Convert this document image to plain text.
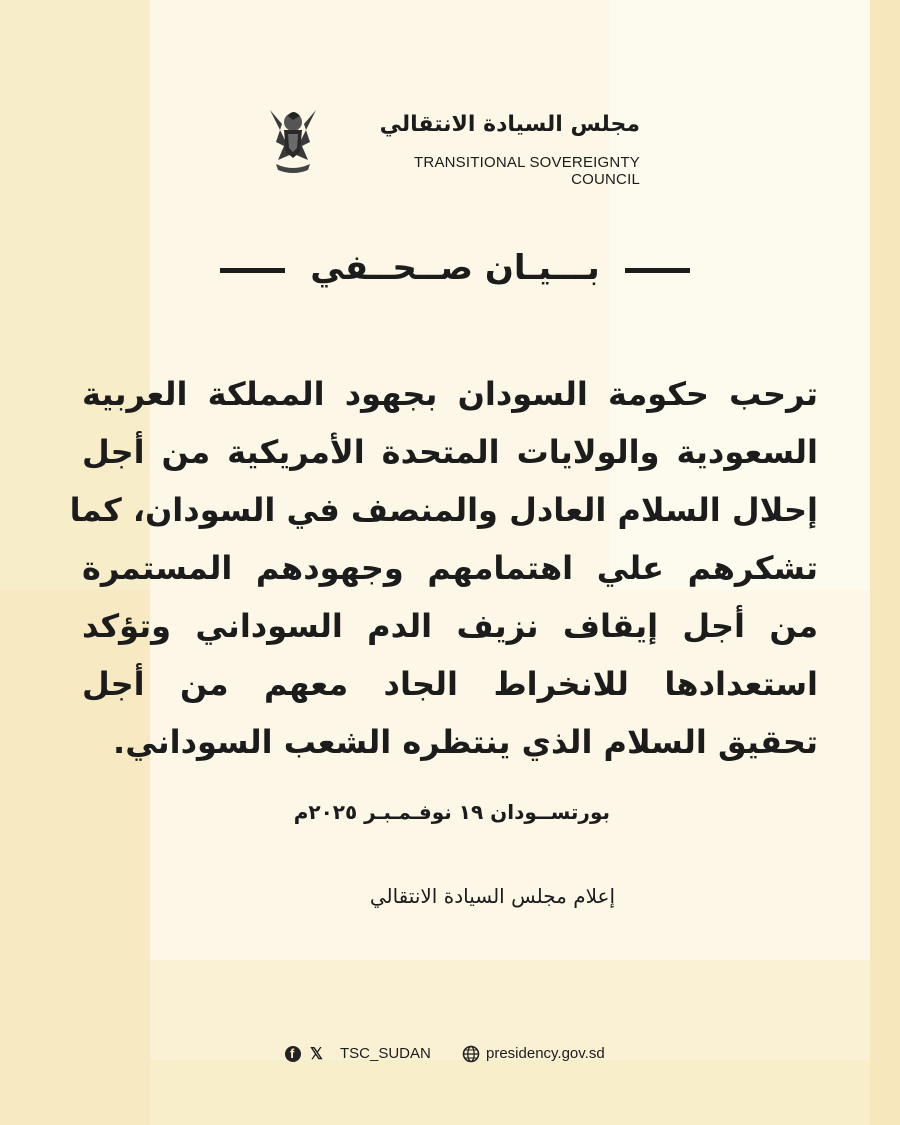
مجلس السيادة الانتقالي
TRANSITIONAL SOVEREIGNTY COUNCIL
بـــيـان صــحــفي
ترحب حكومة السودان بجهود المملكة العربية
السعودية والولايات المتحدة الأمريكية من أجل
إحلال السلام العادل والمنصف في السودان، كما
تشكرهم علي اهتمامهم وجهودهم المستمرة
من أجل إيقاف نزيف الدم السوداني وتؤكد
استعدادها للانخراط الجاد معهم من أجل
تحقيق السلام الذي ينتظره الشعب السوداني.
بورتســودان ١٩ نوفـمـبـر ٢٠٢٥م
إعلام مجلس السيادة الانتقالي
f
𝕏 TSC_SUDAN	presidency.gov.sd
